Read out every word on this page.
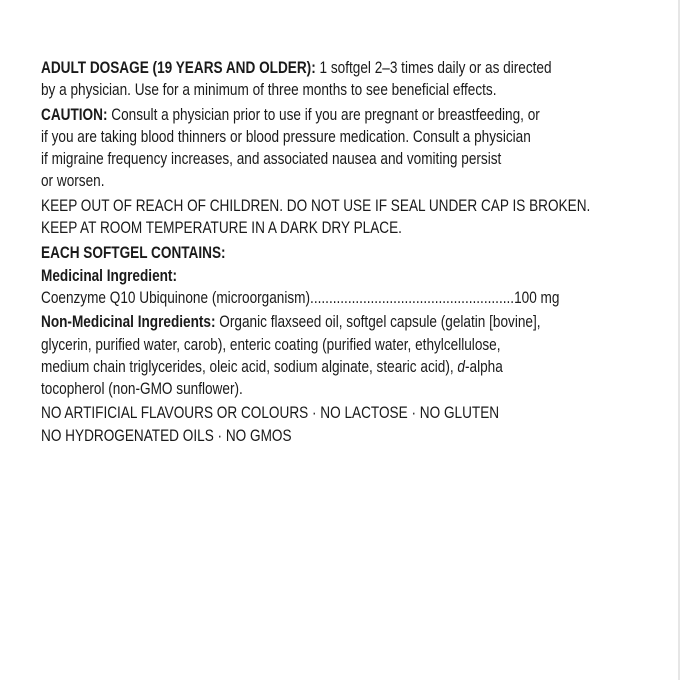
ADULT DOSAGE (19 YEARS AND OLDER): 1 softgel 2–3 times daily or as directed
by a physician. Use for a minimum of three months to see beneficial effects.
CAUTION: Consult a physician prior to use if you are pregnant or breastfeeding, or
if you are taking blood thinners or blood pressure medication. Consult a physician
if migraine frequency increases, and associated nausea and vomiting persist
or worsen.
KEEP OUT OF REACH OF CHILDREN. DO NOT USE IF SEAL UNDER CAP IS BROKEN.
KEEP AT ROOM TEMPERATURE IN A DARK DRY PLACE.
EACH SOFTGEL CONTAINS:
Medicinal Ingredient:
Coenzyme Q10 Ubiquinone (microorganism)......................................................100 mg
Non-Medicinal Ingredients: Organic flaxseed oil, softgel capsule (gelatin [bovine],
glycerin, purified water, carob), enteric coating (purified water, ethylcellulose,
medium chain triglycerides, oleic acid, sodium alginate, stearic acid), d-alpha
tocopherol (non-GMO sunflower).
NO ARTIFICIAL FLAVOURS OR COLOURS · NO LACTOSE · NO GLUTEN
NO HYDROGENATED OILS · NO GMOS
